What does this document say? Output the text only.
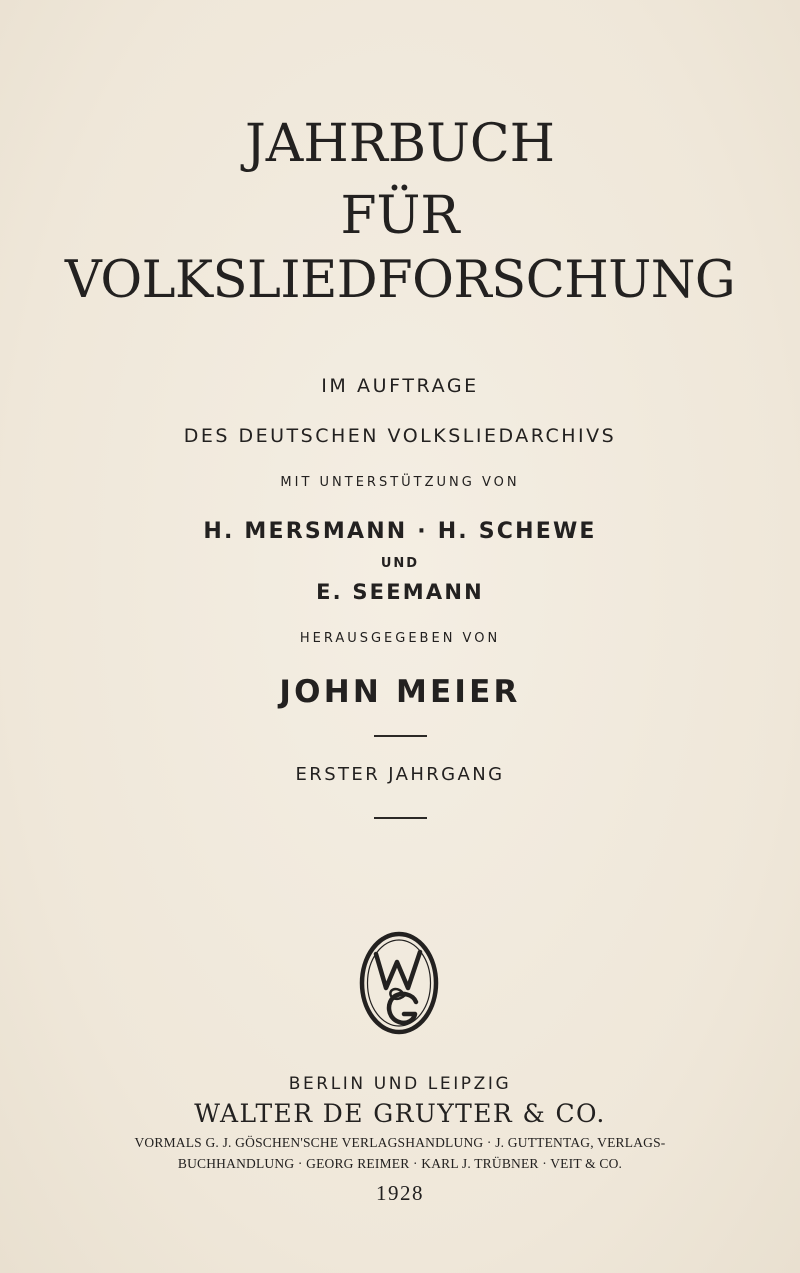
JAHRBUCH
FÜR
VOLKSLIEDFORSCHUNG
IM AUFTRAGE
DES DEUTSCHEN VOLKSLIEDARCHIVS
MIT UNTERSTÜTZUNG VON
H. MERSMANN · H. SCHEWE
UND
E. SEEMANN
HERAUSGEGEBEN VON
JOHN MEIER
ERSTER JAHRGANG
BERLIN UND LEIPZIG
WALTER DE GRUYTER & CO.
VORMALS G. J. GÖSCHEN'SCHE VERLAGSHANDLUNG · J. GUTTENTAG, VERLAGS-
BUCHHANDLUNG · GEORG REIMER · KARL J. TRÜBNER · VEIT & CO.
1928
